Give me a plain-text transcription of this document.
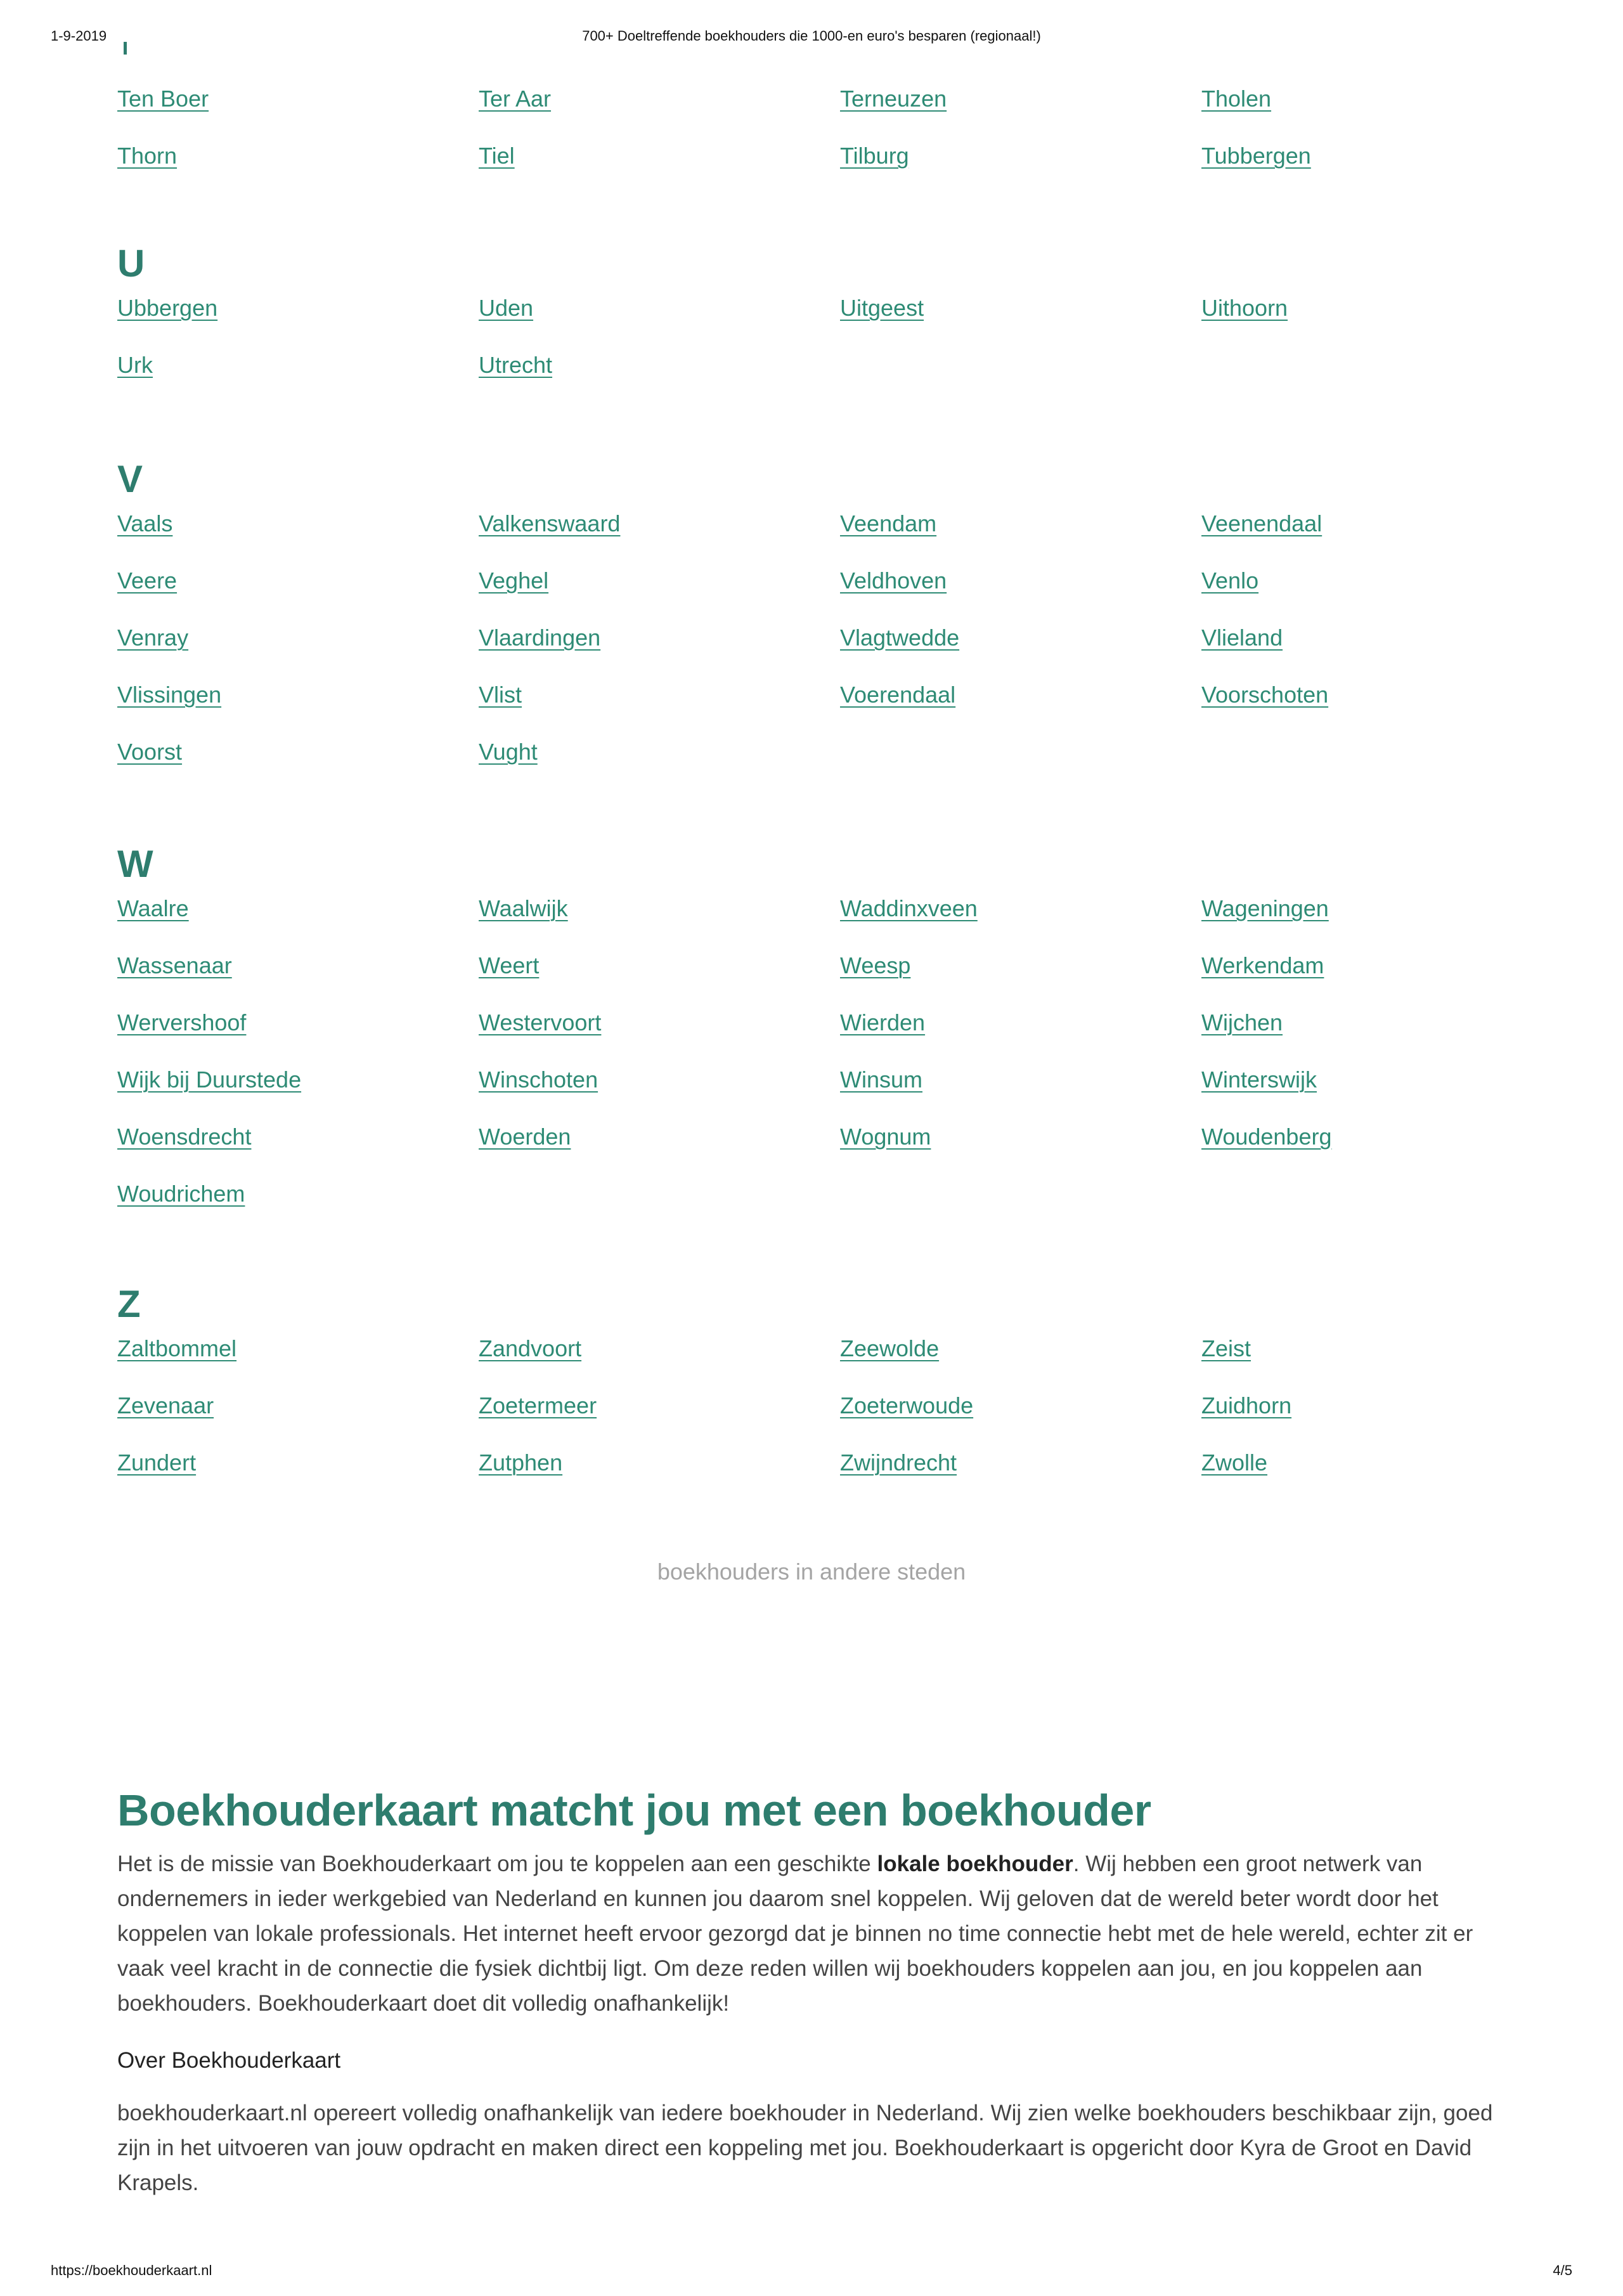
1-9-2019	700+ Doeltreffende boekhouders die 1000-en euro's besparen (regionaal!)
Ten Boer	Ter Aar	Terneuzen	Tholen
Thorn	Tiel	Tilburg	Tubbergen
U
Ubbergen	Uden	Uitgeest	Uithoorn
Urk	Utrecht
V
Vaals	Valkenswaard	Veendam	Veenendaal
Veere	Veghel	Veldhoven	Venlo
Venray	Vlaardingen	Vlagtwedde	Vlieland
Vlissingen	Vlist	Voerendaal	Voorschoten
Voorst	Vught
W
Waalre	Waalwijk	Waddinxveen	Wageningen
Wassenaar	Weert	Weesp	Werkendam
Wervershoof	Westervoort	Wierden	Wijchen
Wijk bij Duurstede	Winschoten	Winsum	Winterswijk
Woensdrecht	Woerden	Wognum	Woudenberg
Woudrichem
Z
Zaltbommel	Zandvoort	Zeewolde	Zeist
Zevenaar	Zoetermeer	Zoeterwoude	Zuidhorn
Zundert	Zutphen	Zwijndrecht	Zwolle
boekhouders in andere steden
Boekhouderkaart matcht jou met een boekhouder

Het is de missie van Boekhouderkaart om jou te koppelen aan een geschikte lokale boekhouder. Wij hebben een groot netwerk van ondernemers in ieder werkgebied van Nederland en kunnen jou daarom snel koppelen. Wij geloven dat de wereld beter wordt door het koppelen van lokale professionals. Het internet heeft ervoor gezorgd dat je binnen no time connectie hebt met de hele wereld, echter zit er vaak veel kracht in de connectie die fysiek dichtbij ligt. Om deze reden willen wij boekhouders koppelen aan jou, en jou koppelen aan boekhouders. Boekhouderkaart doet dit volledig onafhankelijk!

Over Boekhouderkaart

boekhouderkaart.nl opereert volledig onafhankelijk van iedere boekhouder in Nederland. Wij zien welke boekhouders beschikbaar zijn, goed zijn in het uitvoeren van jouw opdracht en maken direct een koppeling met jou. Boekhouderkaart is opgericht door Kyra de Groot en David Krapels.

https://boekhouderkaart.nl	4/5
